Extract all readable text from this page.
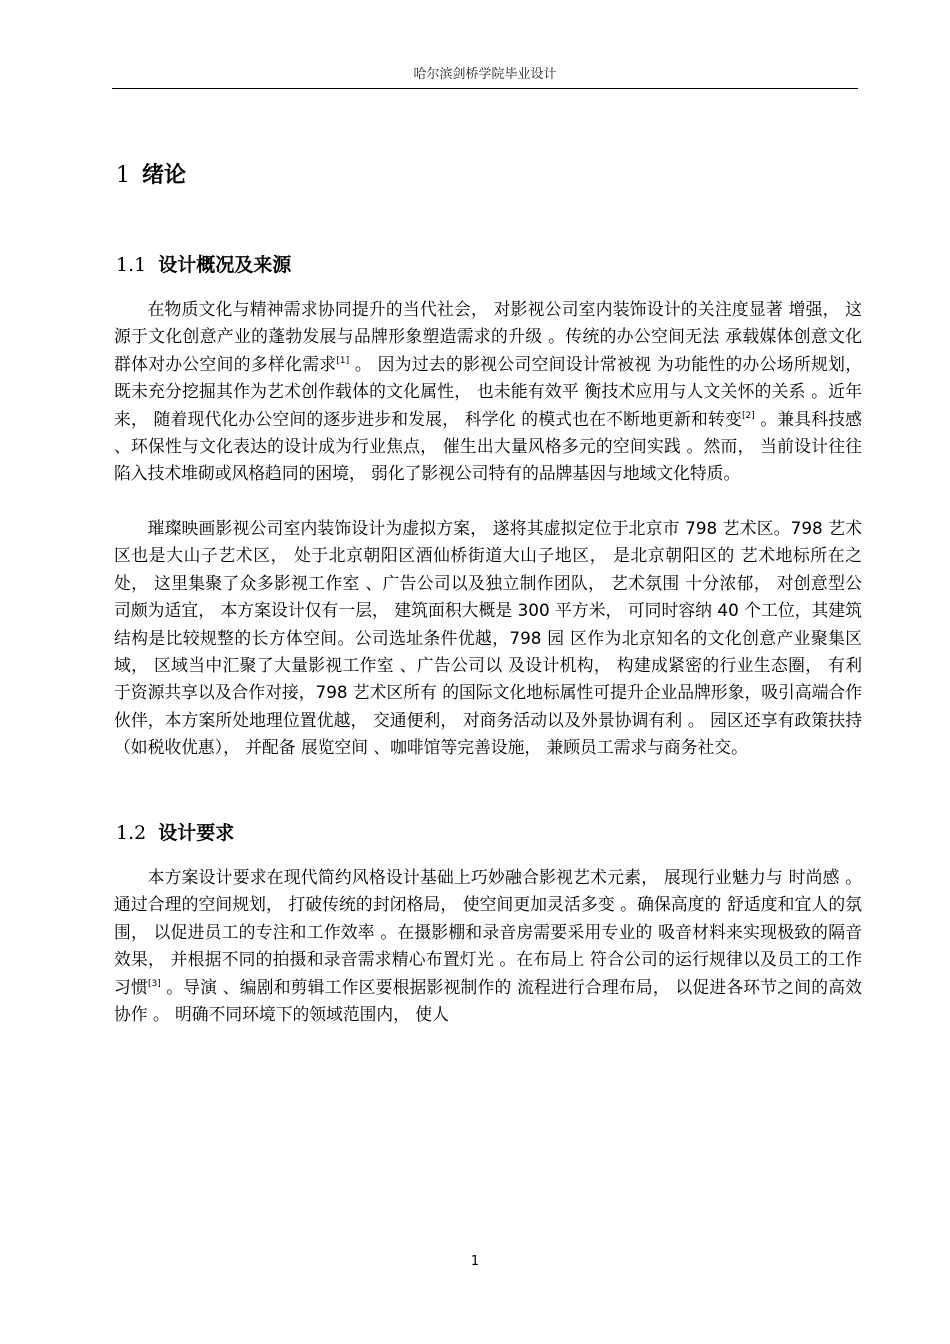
哈尔滨剑桥学院毕业设计
1 绪论
1.1 设计概况及来源

在物质文化与精神需求协同提升的当代社会， 对影视公司室内装饰设计的关注度显著 增强， 这源于文化创意产业的蓬勃发展与品牌形象塑造需求的升级 。传统的办公空间无法 承载媒体创意文化群体对办公空间的多样化需求[1] 。 因为过去的影视公司空间设计常被视 为功能性的办公场所规划， 既未充分挖掘其作为艺术创作载体的文化属性， 也未能有效平 衡技术应用与人文关怀的关系 。近年来， 随着现代化办公空间的逐步进步和发展， 科学化 的模式也在不断地更新和转变[2] 。兼具科技感 、环保性与文化表达的设计成为行业焦点， 催生出大量风格多元的空间实践 。然而， 当前设计往往陷入技术堆砌或风格趋同的困境， 弱化了影视公司特有的品牌基因与地域文化特质。

璀璨映画影视公司室内装饰设计为虚拟方案， 遂将其虚拟定位于北京市 798 艺术区。798 艺术区也是大山子艺术区， 处于北京朝阳区酒仙桥街道大山子地区， 是北京朝阳区的 艺术地标所在之处， 这里集聚了众多影视工作室 、广告公司以及独立制作团队， 艺术氛围 十分浓郁， 对创意型公司颇为适宜， 本方案设计仅有一层， 建筑面积大概是 300 平方米， 可同时容纳 40 个工位，其建筑结构是比较规整的长方体空间。公司选址条件优越，798 园 区作为北京知名的文化创意产业聚集区域， 区域当中汇聚了大量影视工作室 、广告公司以 及设计机构， 构建成紧密的行业生态圈， 有利于资源共享以及合作对接，798 艺术区所有 的国际文化地标属性可提升企业品牌形象，吸引高端合作伙伴，本方案所处地理位置优越， 交通便利， 对商务活动以及外景协调有利 。 园区还享有政策扶持（如税收优惠）， 并配备 展览空间 、咖啡馆等完善设施， 兼顾员工需求与商务社交。

1.2 设计要求

本方案设计要求在现代简约风格设计基础上巧妙融合影视艺术元素， 展现行业魅力与 时尚感 。通过合理的空间规划， 打破传统的封闭格局， 使空间更加灵活多变 。确保高度的 舒适度和宜人的氛围， 以促进员工的专注和工作效率 。在摄影棚和录音房需要采用专业的 吸音材料来实现极致的隔音效果， 并根据不同的拍摄和录音需求精心布置灯光 。在布局上 符合公司的运行规律以及员工的工作习惯[3] 。导演 、编剧和剪辑工作区要根据影视制作的 流程进行合理布局， 以促进各环节之间的高效协作 。 明确不同环境下的领域范围内， 使人

1
